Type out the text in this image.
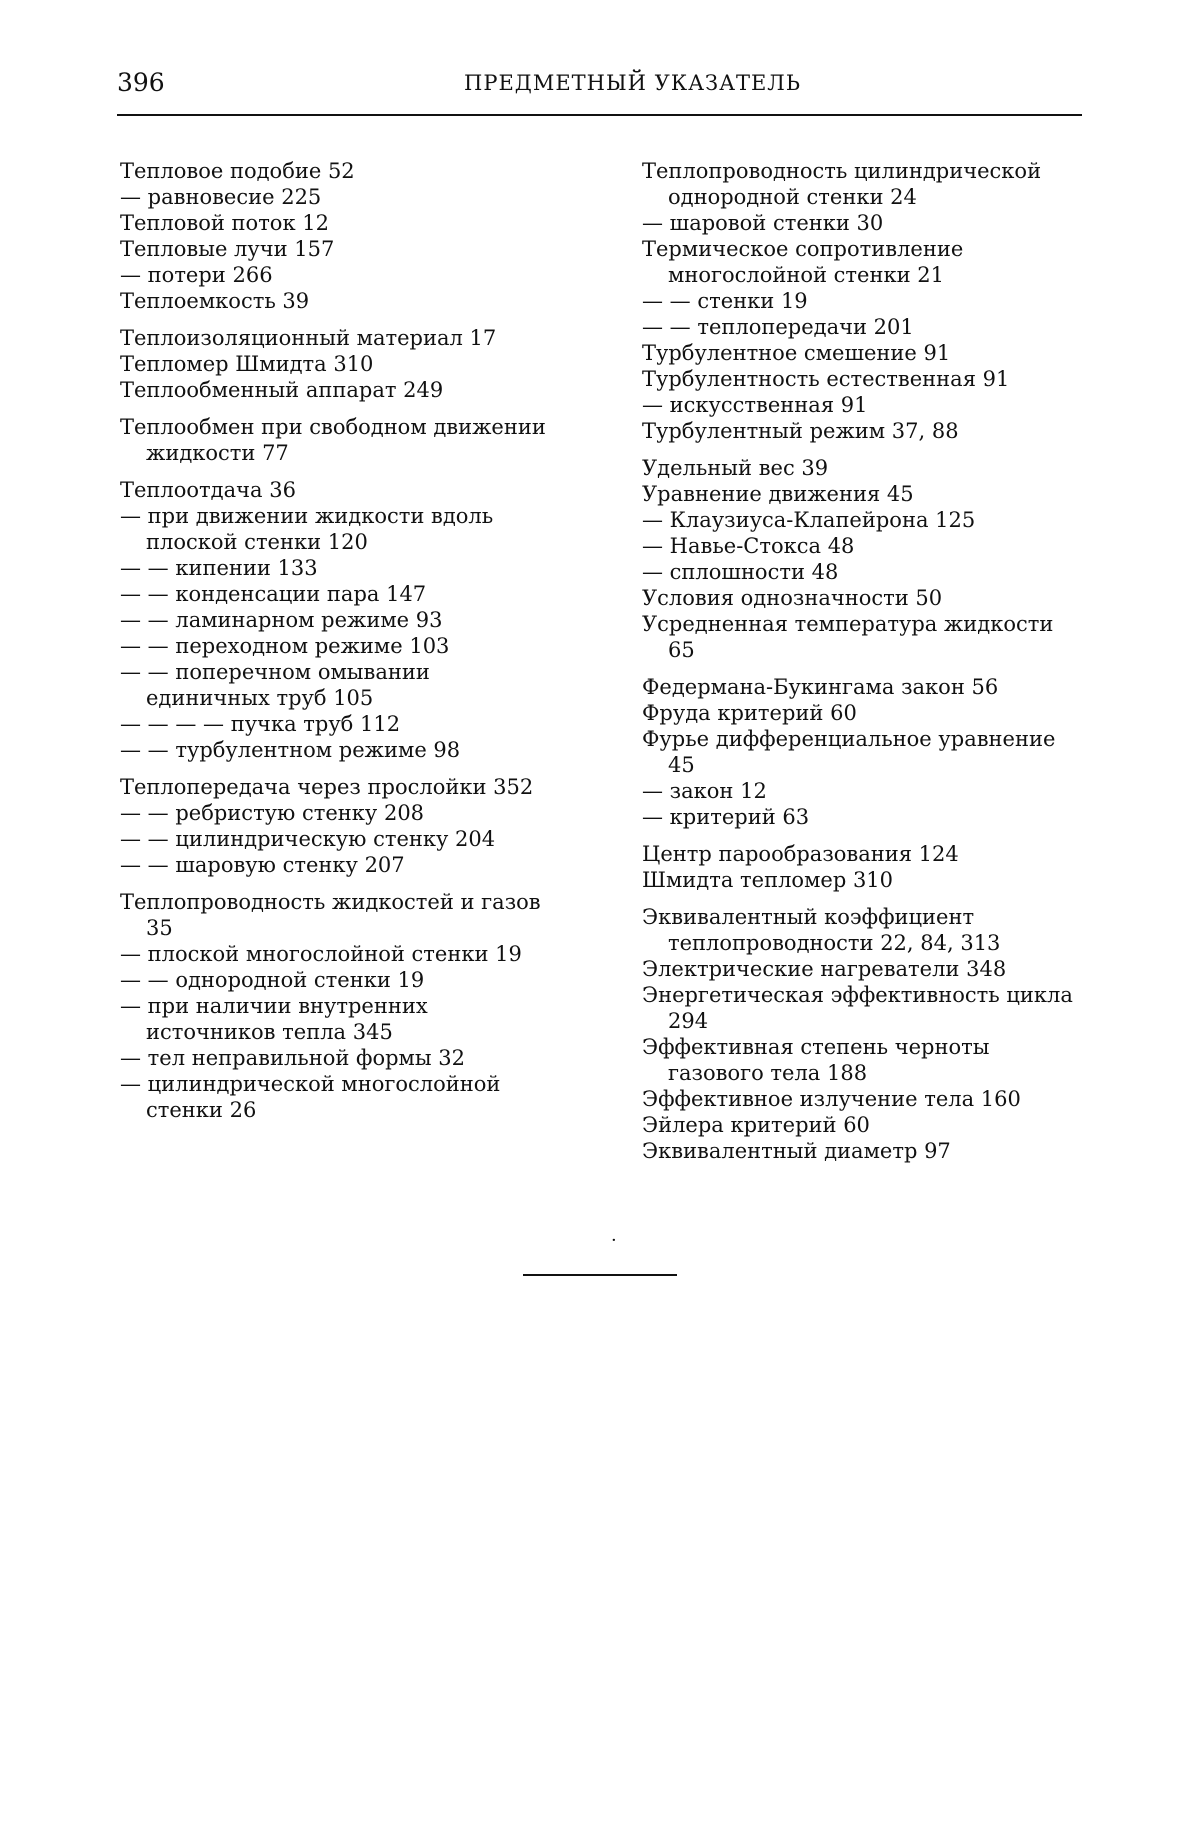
396	ПРЕДМЕТНЫЙ УКАЗАТЕЛЬ
Тепловое подобие 52
— равновесие 225
Тепловой поток 12
Тепловые лучи 157
— потери 266
Теплоемкость 39
Теплоизоляционный материал 17
Тепломер Шмидта 310
Теплообменный аппарат 249
Теплообмен при свободном движении жидкости 77
Теплоотдача 36
— при движении жидкости вдоль плоской стенки 120
— — кипении 133
— — конденсации пара 147
— — ламинарном режиме 93
— — переходном режиме 103
— — поперечном омывании единичных труб 105
— — — — пучка труб 112
— — турбулентном режиме 98
Теплопередача через прослойки 352
— — ребристую стенку 208
— — цилиндрическую стенку 204
— — шаровую стенку 207
Теплопроводность жидкостей и газов 35
— плоской многослойной стенки 19
— — однородной стенки 19
— при наличии внутренних источников тепла 345
— тел неправильной формы 32
— цилиндрической многослойной стенки 26
Теплопроводность цилиндрической однородной стенки 24
— шаровой стенки 30
Термическое сопротивление многослойной стенки 21
— — стенки 19
— — теплопередачи 201
Турбулентное смешение 91
Турбулентность естественная 91
— искусственная 91
Турбулентный режим 37, 88
Удельный вес 39
Уравнение движения 45
— Клаузиуса-Клапейрона 125
— Навье-Стокса 48
— сплошности 48
Условия однозначности 50
Усредненная температура жидкости 65
Федермана-Букингама закон 56
Фруда критерий 60
Фурье дифференциальное уравнение 45
— закон 12
— критерий 63
Центр парообразования 124
Шмидта тепломер 310
Эквивалентный коэффициент теплопроводности 22, 84, 313
Электрические нагреватели 348
Энергетическая эффективность цикла 294
Эффективная степень черноты газового тела 188
Эффективное излучение тела 160
Эйлера критерий 60
Эквивалентный диаметр 97
·
